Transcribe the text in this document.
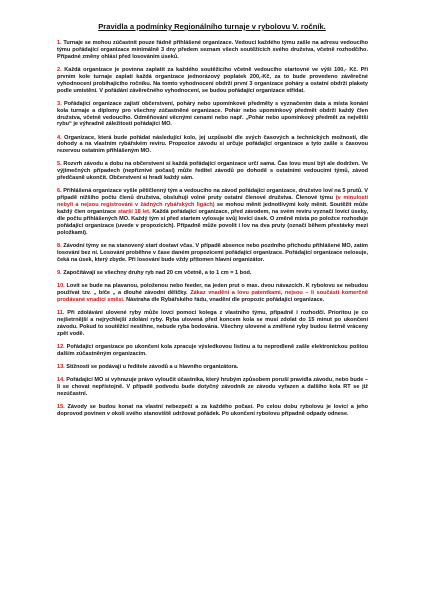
Pravidla a podmínky Regionálního turnaje v rybolovu V. ročník.

1. Turnaje se mohou zúčastnit pouze řádně přihlášené organizace. Vedoucí každého týmu zašle na adresu vedoucího týmu pořádající organizace minimálně 3 dny předem seznam všech soutěžících svého družstva, včetně rozhodčího. Případné změny ohlásí před losováním úseků.

2. Každá organizace je povinna zaplatit za každého soutěžícího včetně vedoucího startovné ve výši 100,- Kč. Při prvním kole turnaje zaplatí každá organizace jednorázový poplatek 200,-Kč, za to bude provedeno závěrečné vyhodnocení probíhajícího ročníku. Na tomto vyhodnocení obdrží první 3 organizace poháry a ostatní obdrží plakety podle umístění. V pořádání závěrečného vyhodnocení, se budou pořádající organizace střídat.

3. Pořádající organizace zajistí občerstvení, poháry nebo upomínkové předměty s vyznačením data a místa konání kola turnaje a diplomy pro všechny zúčastněné organizace. Pohár nebo upomínkový předmět obdrží každý člen družstva, včetně vedoucího. Odměňování věcnými cenami nebo např. „Pohár nebo upomínkový předmět za největší rybu“ je výhradně záležitostí pořádající MO.

4. Organizace, která bude pořádat následující kolo, jej uzpůsobí dle svých časových a technických možností, dle dohody a na vlastním rybářském revíru. Propozice závodu si určuje pořádající organizace a tyto zašle s časovou rezervou ostatním přihlášeným MO.

5. Rozvrh závodu a dobu na občerstvení si každá pořádající organizace určí sama. Čas lovu musí být ale dodržen. Ve výjimečných případech (nepříznivé počasí) může ředitel závodů po dohodě s ostatními vedoucími týmů, závod předčasně ukončit. Občerstvení si hradí každý sám.

6. Přihlášená organizace vyšle pětičlenný tým a vedoucího na závod pořádající organizace, družstvo loví na 5 prutů. V případě nižšího počtu členů družstva, obsluhují volné pruty ostatní členové družstva. Členové týmu (v minulosti nebyli a nejsou registrováni v žádných rybářských ligách) se mohou měnit jednotlivými koly měnit. Soutěžit může každý člen organizace starší 18 let. Každá pořádající organizace, před závodem, na svém revíru vyznačí lovící úseky, dle počtu přihlášených MO. Každý tým si před startem vylosuje svůj lovící úsek. O změně místa po položce rozhoduje pořádající organizace (uvede v propozicích). Případně může povolit i lov na dva pruty (označí během přestávky mezi položkami).

8. Závodní týmy se na stanovený start dostaví včas. V případě absence nebo pozdního příchodu přihlášené MO, zatím losování bez ní. Losování proběhne v čase daném propozicemi pořádající organizace. Pořádající organizace nelosuje, čeká na úsek, který zbyde. Při losování bude vždy přítomen hlavní organizátor.

9. Započítávají se všechny druhy ryb nad 20 cm včetně, a to 1 cm = 1 bod.

10. Lovit se bude na plavanou, položenou nebo feeder, na jeden prut o max. dvou návazcích. K rybolovu se nebudou používat tzv. „ bíče „ a dlouhé závodní děličky. Zákaz vnadění a lovu patentkami, nejsou – li součástí komerčně prodávané vnadicí směsi. Nástraha dle Rybářského řádu, vnadění dle propozic pořádající organizace.

11. Při zdolávání ulovené ryby může lovci pomoci kolega z vlastního týmu, případně i rozhodčí. Prioritou je co nejšetrnější a nejrychlejší zdolání ryby. Ryba ulovená před koncem kola se musí zdolat do 15 minut po ukončení závodu. Pokud to soutěžící nestihne, nebude ryba bodována. Všechny ulovené a změřené ryby budou šetrně vráceny zpět vodě.

12. Pořádající organizace po ukončení kola zpracuje výsledkovou listinu a tu neprodleně zašle elektronickou poštou dalším zúčastněným organizacím.

13. Stížnosti se podávají u ředitele závodů a u hlavního organizátora.

14. Pořádající MO si vyhrazuje právo vyloučit účastníka, který hrubým způsobem poruší pravidla závodu, nebo bude – li se chovat nepřístojně. V případě podvodu bude dotyčný závodník ze závodu vyřazen a dalšího kola RT se již nezúčastní.

15. Závody se budou konat na vlastní nebezpečí a za každého počasí. Po celou dobu rybolovu je lovící a jeho doprovod povinen v okolí svého stanoviště udržovat pořádek. Po ukončení rybolovu případně odpady odnese.
